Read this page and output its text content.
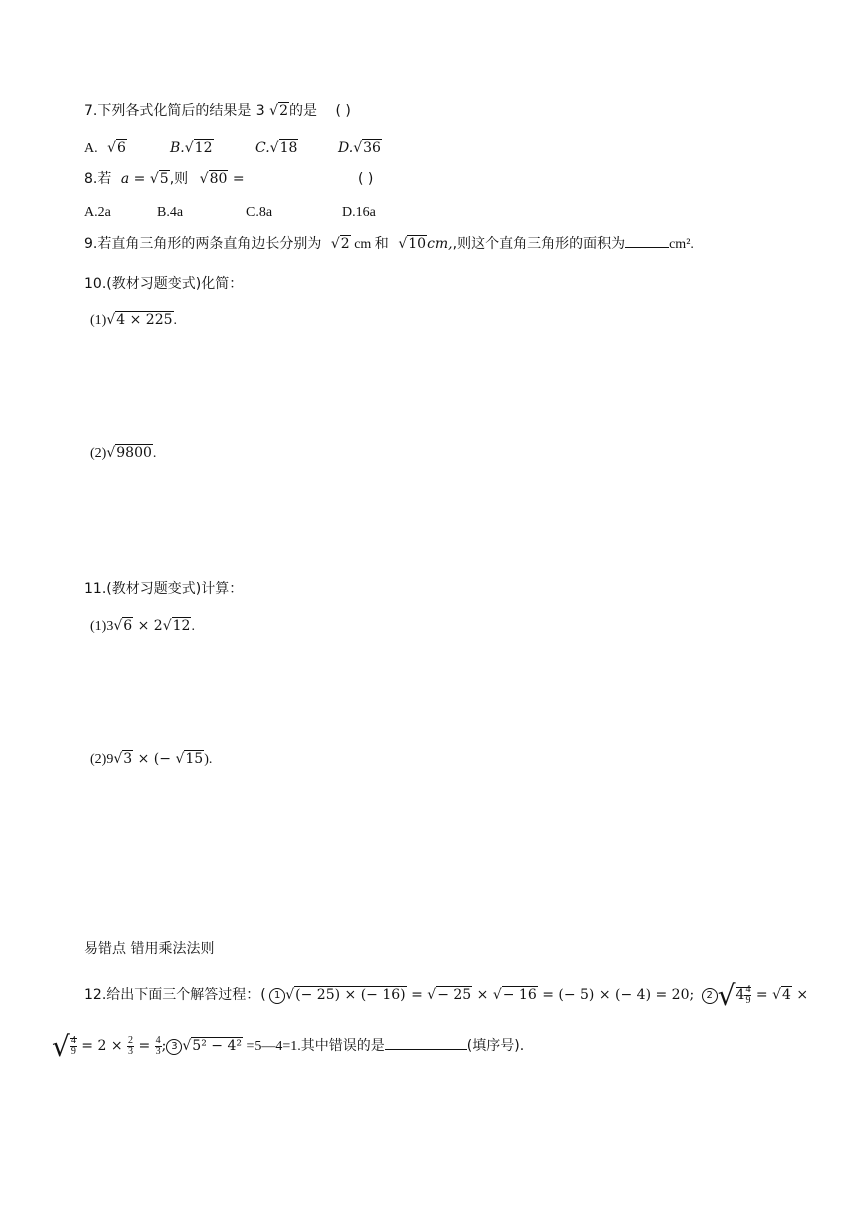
7.下列各式化简后的结果是 3 √2的是 ( )
A. √6	B.√12	C.√18	D.√36
8.若 a = √5,则 √80 =	( )
A.2a	B.4a	C.8a	D.16a
9.若直角三角形的两条直角边长分别为 √2 cm 和 √10cm,,则这个直角三角形的面积为	cm².
10.(教材习题变式)化简：
(1)√4 × 225.
(2)√9800.
11.(教材习题变式)计算：
(1)3√6 × 2√12.
(2)9√3 × (− √15).
易错点 错用乘法法则
12.给出下面三个解答过程：( 1 √(− 25) × (− 16) = √− 25 × √− 16 = (− 5) × (− 4) = 20; 2 $√4 \frac{4}{9} = √4$ ×
√ $\frac{4}{9} = 2 \times \frac{2}{3} = \frac{4}{3}$ ; 3 √5² − 4² =5—4=1.其中错误的是	(填序号).
